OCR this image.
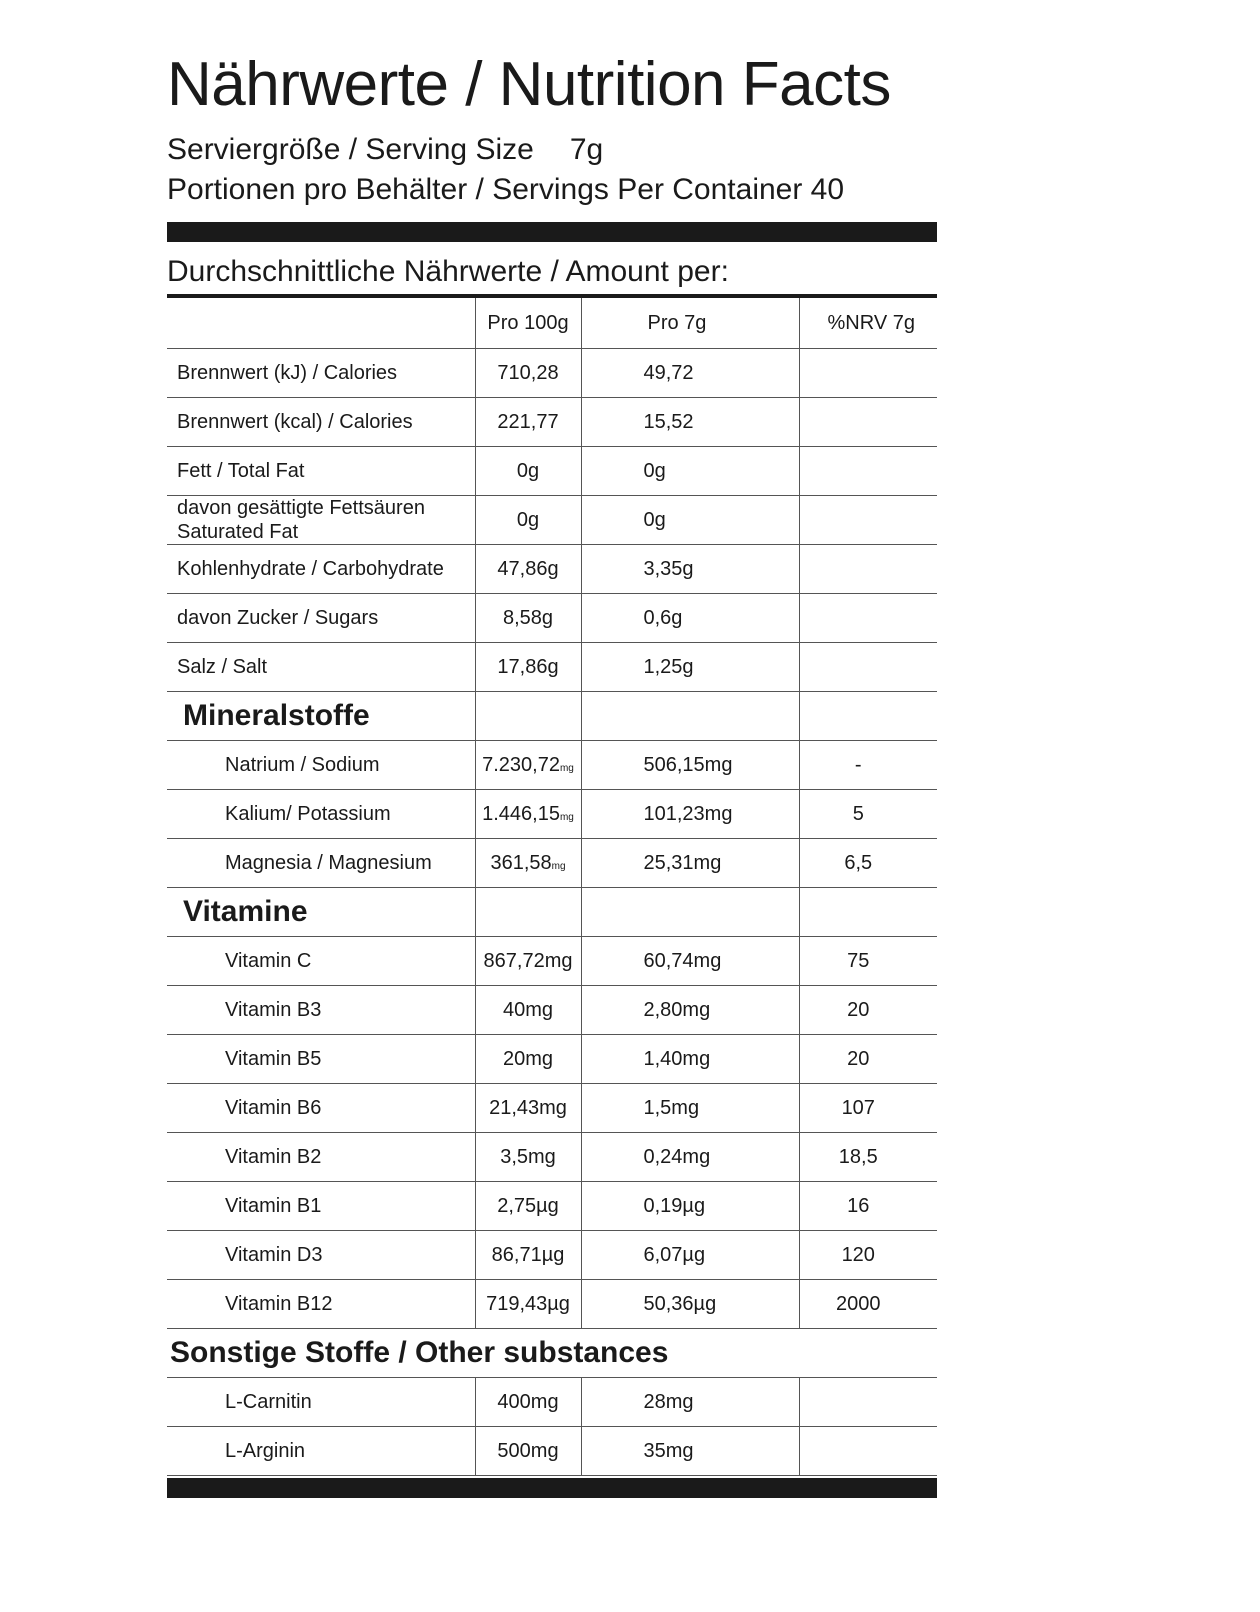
Nährwerte / Nutrition Facts
Serviergröße / Serving Size 7g
Portionen pro Behälter / Servings Per Container 40
Durchschnittliche Nährwerte / Amount per:
	Pro 100g	Pro 7g	%NRV 7g
Brennwert (kJ) / Calories	710,28	49,72	
Brennwert (kcal) / Calories	221,77	15,52	
Fett / Total Fat	0g	0g	
davon gesättigte Fettsäuren
Saturated Fat	0g	0g	
Kohlenhydrate / Carbohydrate	47,86g	3,35g	
davon Zucker / Sugars	8,58g	0,6g	
Salz / Salt	17,86g	1,25g	
Mineralstoffe			
Natrium / Sodium	7.230,72mg	506,15mg	-
Kalium/ Potassium	1.446,15mg	101,23mg	5
Magnesia / Magnesium	361,58mg	25,31mg	6,5
Vitamine			
Vitamin C	867,72mg	60,74mg	75
Vitamin B3	40mg	2,80mg	20
Vitamin B5	20mg	1,40mg	20
Vitamin B6	21,43mg	1,5mg	107
Vitamin B2	3,5mg	0,24mg	18,5
Vitamin B1	2,75µg	0,19µg	16
Vitamin D3	86,71µg	6,07µg	120
Vitamin B12	719,43µg	50,36µg	2000
Sonstige Stoffe / Other substances			
L-Carnitin	400mg	28mg	
L-Arginin	500mg	35mg	
